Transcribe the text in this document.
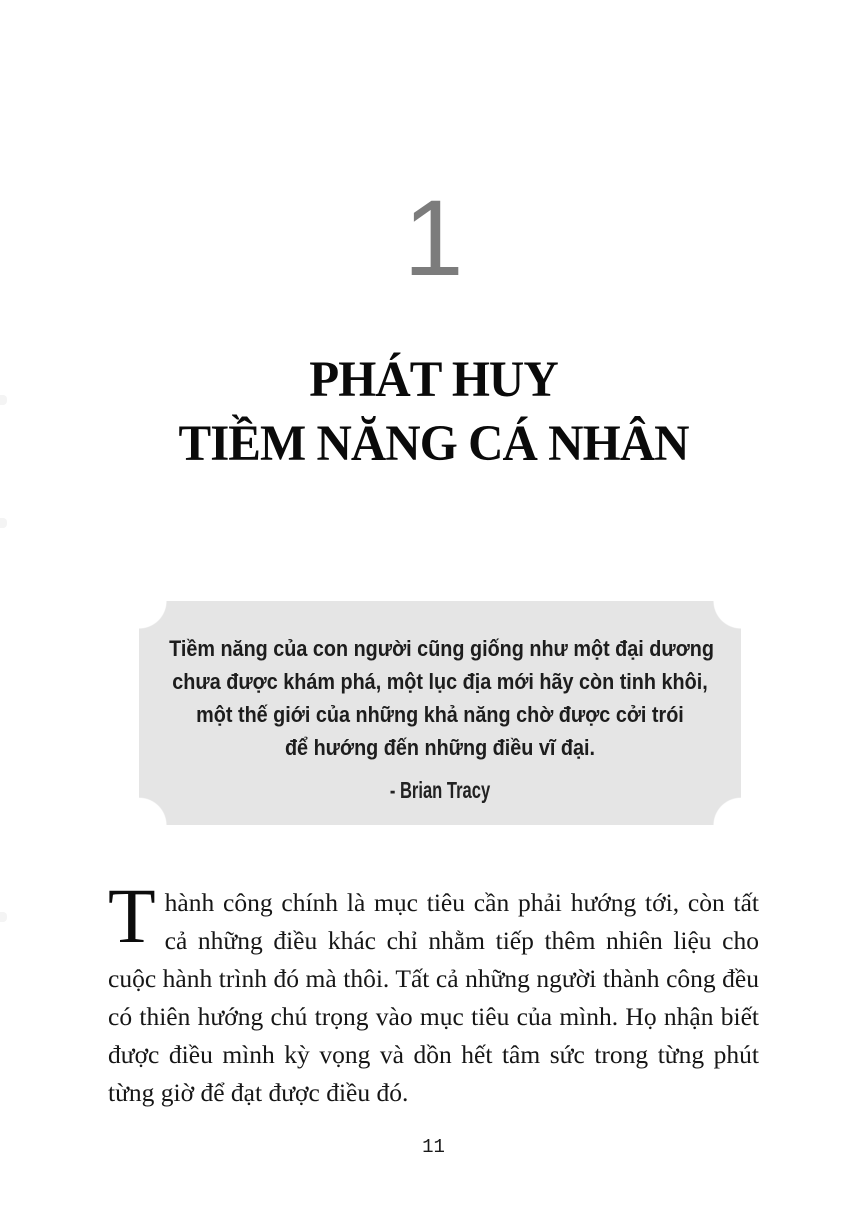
1
PHÁT HUY
TIỀM NĂNG CÁ NHÂN
Tiềm năng của con người cũng giống như một đại dương
chưa được khám phá, một lục địa mới hãy còn tinh khôi,
một thế giới của những khả năng chờ được cởi trói
để hướng đến những điều vĩ đại.
- Brian Tracy
Thành công chính là mục tiêu cần phải hướng tới, còn tất cả những điều khác chỉ nhằm tiếp thêm nhiên liệu cho cuộc hành trình đó mà thôi. Tất cả những người thành công đều có thiên hướng chú trọng vào mục tiêu của mình. Họ nhận biết được điều mình kỳ vọng và dồn hết tâm sức trong từng phút từng giờ để đạt được điều đó.
11
